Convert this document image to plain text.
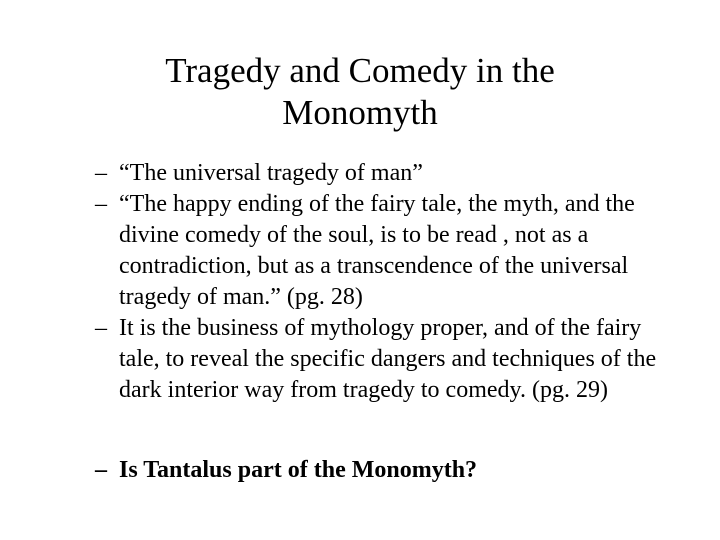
Tragedy and Comedy in the
Monomyth
– “The universal tragedy of man”
– “The happy ending of the fairy tale, the myth, and the divine comedy of the soul, is to be read , not as a contradiction, but as a transcendence of the universal tragedy of man.” (pg. 28)
– It is the business of mythology proper, and of the fairy tale, to reveal the specific dangers and techniques of the dark interior way from tragedy to comedy. (pg. 29)
– Is Tantalus part of the Monomyth?
